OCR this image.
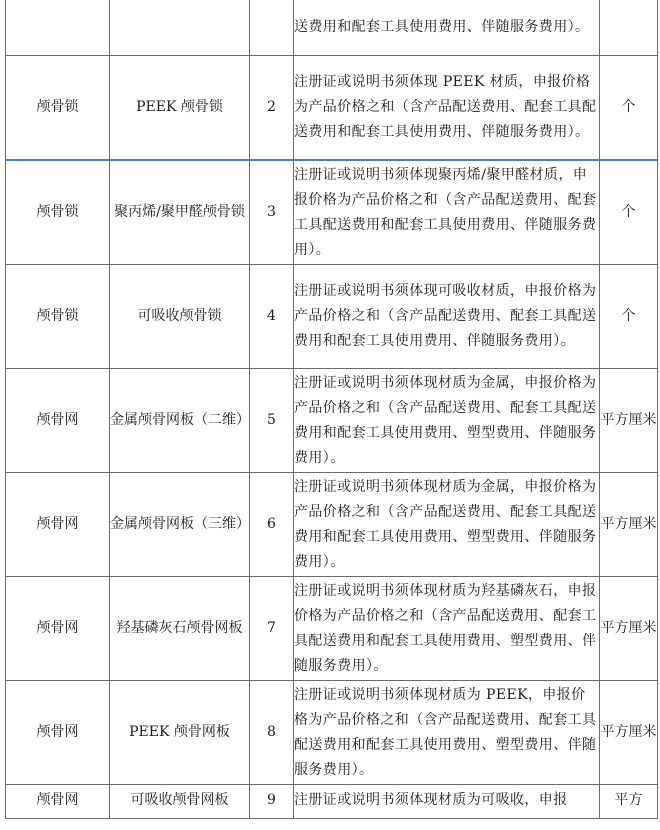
			送费用和配套工具使用费用、伴随服务费用）。	
颅骨锁	PEEK 颅骨锁	2	注册证或说明书须体现 PEEK 材质，申报价格为产品价格之和（含产品配送费用、配套工具配送费用和配套工具使用费用、伴随服务费用）。	个
颅骨锁	聚丙烯/聚甲醛颅骨锁	3	注册证或说明书须体现聚丙烯/聚甲醛材质，申报价格为产品价格之和（含产品配送费用、配套工具配送费用和配套工具使用费用、伴随服务费用）。	个
颅骨锁	可吸收颅骨锁	4	注册证或说明书须体现可吸收材质，申报价格为产品价格之和（含产品配送费用、配套工具配送费用和配套工具使用费用、伴随服务费用）。	个
颅骨网	金属颅骨网板（二维）	5	注册证或说明书须体现材质为金属，申报价格为产品价格之和（含产品配送费用、配套工具配送费用和配套工具使用费用、塑型费用、伴随服务费用）。	平方厘米
颅骨网	金属颅骨网板（三维）	6	注册证或说明书须体现材质为金属，申报价格为产品价格之和（含产品配送费用、配套工具配送费用和配套工具使用费用、塑型费用、伴随服务费用）。	平方厘米
颅骨网	羟基磷灰石颅骨网板	7	注册证或说明书须体现材质为羟基磷灰石，申报价格为产品价格之和（含产品配送费用、配套工具配送费用和配套工具使用费用、塑型费用、伴随服务费用）。	平方厘米
颅骨网	PEEK 颅骨网板	8	注册证或说明书须体现材质为 PEEK，申报价格为产品价格之和（含产品配送费用、配套工具配送费用和配套工具使用费用、塑型费用、伴随服务费用）。	平方厘米
颅骨网	可吸收颅骨网板	9	注册证或说明书须体现材质为可吸收，申报	平方
